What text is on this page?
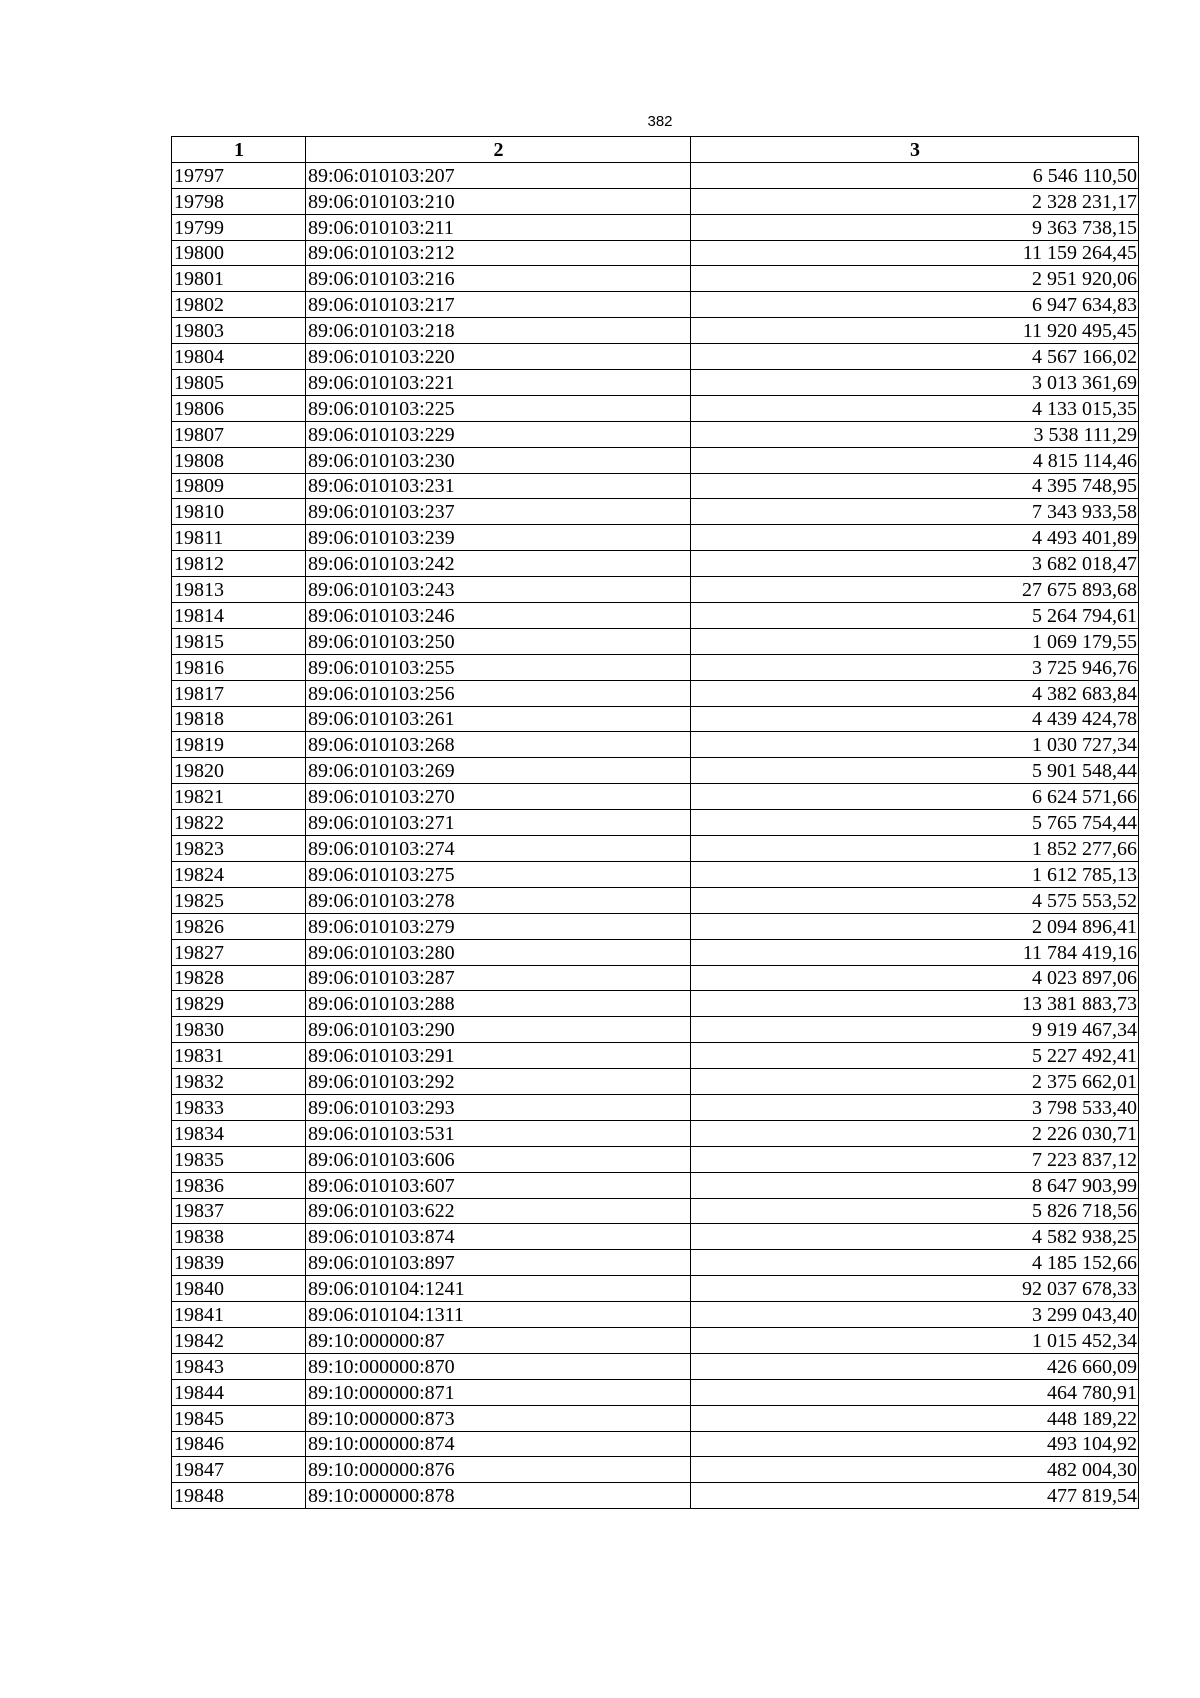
382
1	2	3
19797	89:06:010103:207	6 546 110,50
19798	89:06:010103:210	2 328 231,17
19799	89:06:010103:211	9 363 738,15
19800	89:06:010103:212	11 159 264,45
19801	89:06:010103:216	2 951 920,06
19802	89:06:010103:217	6 947 634,83
19803	89:06:010103:218	11 920 495,45
19804	89:06:010103:220	4 567 166,02
19805	89:06:010103:221	3 013 361,69
19806	89:06:010103:225	4 133 015,35
19807	89:06:010103:229	3 538 111,29
19808	89:06:010103:230	4 815 114,46
19809	89:06:010103:231	4 395 748,95
19810	89:06:010103:237	7 343 933,58
19811	89:06:010103:239	4 493 401,89
19812	89:06:010103:242	3 682 018,47
19813	89:06:010103:243	27 675 893,68
19814	89:06:010103:246	5 264 794,61
19815	89:06:010103:250	1 069 179,55
19816	89:06:010103:255	3 725 946,76
19817	89:06:010103:256	4 382 683,84
19818	89:06:010103:261	4 439 424,78
19819	89:06:010103:268	1 030 727,34
19820	89:06:010103:269	5 901 548,44
19821	89:06:010103:270	6 624 571,66
19822	89:06:010103:271	5 765 754,44
19823	89:06:010103:274	1 852 277,66
19824	89:06:010103:275	1 612 785,13
19825	89:06:010103:278	4 575 553,52
19826	89:06:010103:279	2 094 896,41
19827	89:06:010103:280	11 784 419,16
19828	89:06:010103:287	4 023 897,06
19829	89:06:010103:288	13 381 883,73
19830	89:06:010103:290	9 919 467,34
19831	89:06:010103:291	5 227 492,41
19832	89:06:010103:292	2 375 662,01
19833	89:06:010103:293	3 798 533,40
19834	89:06:010103:531	2 226 030,71
19835	89:06:010103:606	7 223 837,12
19836	89:06:010103:607	8 647 903,99
19837	89:06:010103:622	5 826 718,56
19838	89:06:010103:874	4 582 938,25
19839	89:06:010103:897	4 185 152,66
19840	89:06:010104:1241	92 037 678,33
19841	89:06:010104:1311	3 299 043,40
19842	89:10:000000:87	1 015 452,34
19843	89:10:000000:870	426 660,09
19844	89:10:000000:871	464 780,91
19845	89:10:000000:873	448 189,22
19846	89:10:000000:874	493 104,92
19847	89:10:000000:876	482 004,30
19848	89:10:000000:878	477 819,54
